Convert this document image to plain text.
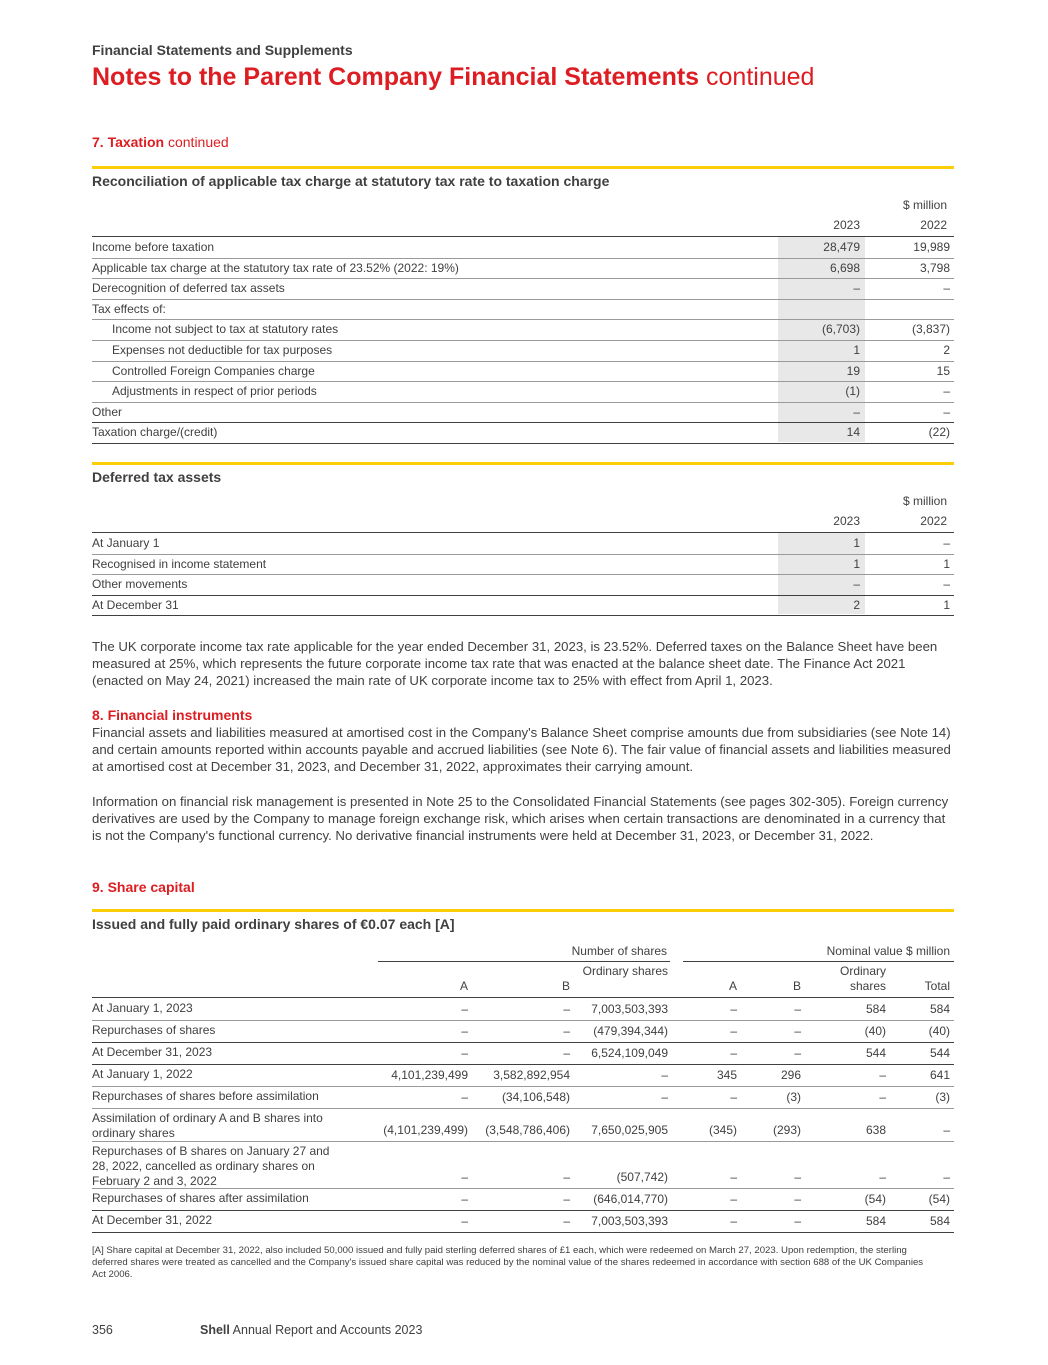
Financial Statements and Supplements
Notes to the Parent Company Financial Statements continued
7. Taxation continued
Reconciliation of applicable tax charge at statutory tax rate to taxation charge
$ million
2023	2022
Income before taxation	28,479	19,989
Applicable tax charge at the statutory tax rate of 23.52% (2022: 19%)	6,698	3,798
Derecognition of deferred tax assets	–	–
Tax effects of:
Income not subject to tax at statutory rates	(6,703)	(3,837)
Expenses not deductible for tax purposes	1	2
Controlled Foreign Companies charge	19	15
Adjustments in respect of prior periods	(1)	–
Other	–	–
Taxation charge/(credit)	14	(22)
Deferred tax assets
$ million
2023	2022
At January 1	1	–
Recognised in income statement	1	1
Other movements	–	–
At December 31	2	1
The UK corporate income tax rate applicable for the year ended December 31, 2023, is 23.52%. Deferred taxes on the Balance Sheet have been measured at 25%, which represents the future corporate income tax rate that was enacted at the balance sheet date. The Finance Act 2021 (enacted on May 24, 2021) increased the main rate of UK corporate income tax to 25% with effect from April 1, 2023.
8. Financial instruments
Financial assets and liabilities measured at amortised cost in the Company's Balance Sheet comprise amounts due from subsidiaries (see Note 14) and certain amounts reported within accounts payable and accrued liabilities (see Note 6). The fair value of financial assets and liabilities measured at amortised cost at December 31, 2023, and December 31, 2022, approximates their carrying amount.
Information on financial risk management is presented in Note 25 to the Consolidated Financial Statements (see pages 302-305). Foreign currency derivatives are used by the Company to manage foreign exchange risk, which arises when certain transactions are denominated in a currency that is not the Company's functional currency. No derivative financial instruments were held at December 31, 2023, or December 31, 2022.
9. Share capital
Issued and fully paid ordinary shares of €0.07 each [A]
Number of shares	Nominal value $ million
A	B
Ordinary shares
A	B
Ordinary shares	Total
At January 1, 2023	–	–	7,003,503,393	–	–	584	584
Repurchases of shares	–	–	(479,394,344)	–	–	(40)	(40)
At December 31, 2023	–	–	6,524,109,049	–	–	544	544
At January 1, 2022	4,101,239,499	3,582,892,954	–	345	296	–	641
Repurchases of shares before assimilation	–	(34,106,548)	–	–	(3)	–	(3)
Assimilation of ordinary A and B shares into ordinary shares	(4,101,239,499)	(3,548,786,406)	7,650,025,905	(345)	(293)	638	–
Repurchases of B shares on January 27 and 28, 2022, cancelled as ordinary shares on February 2 and 3, 2022	–	–	(507,742)	–	–	–	–
Repurchases of shares after assimilation	–	–	(646,014,770)	–	–	(54)	(54)
At December 31, 2022	–	–	7,003,503,393	–	–	584	584
[A] Share capital at December 31, 2022, also included 50,000 issued and fully paid sterling deferred shares of £1 each, which were redeemed on March 27, 2023. Upon redemption, the sterling deferred shares were treated as cancelled and the Company's issued share capital was reduced by the nominal value of the shares redeemed in accordance with section 688 of the UK Companies Act 2006.
356	Shell Annual Report and Accounts 2023
